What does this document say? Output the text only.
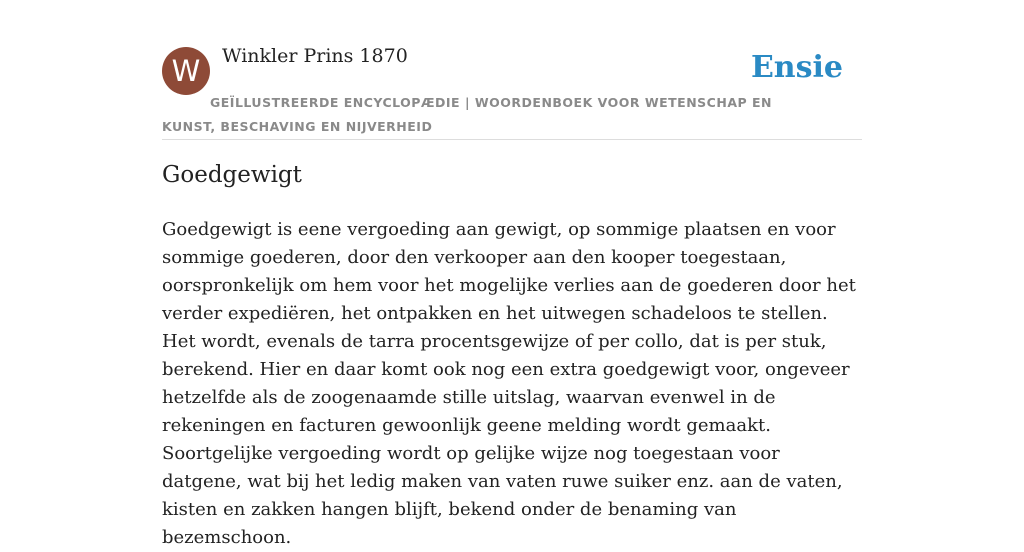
W	Winkler Prins 1870	Ensie
GEÏLLUSTREERDE ENCYCLOPÆDIE | WOORDENBOEK VOOR WETENSCHAP EN KUNST, BESCHAVING EN NIJVERHEID
Goedgewigt

Goedgewigt is eene vergoeding aan gewigt, op sommige plaatsen en voor sommige goederen, door den verkooper aan den kooper toegestaan, oorspronkelijk om hem voor het mogelijke verlies aan de goederen door het verder expediëren, het ontpakken en het uitwegen schadeloos te stellen. Het wordt, evenals de tarra procentsgewijze of per collo, dat is per stuk, berekend. Hier en daar komt ook nog een extra goedgewigt voor, ongeveer hetzelfde als de zoogenaamde stille uitslag, waarvan evenwel in de rekeningen en facturen gewoonlijk geene melding wordt gemaakt. Soortgelijke vergoeding wordt op gelijke wijze nog toegestaan voor datgene, wat bij het ledig maken van vaten ruwe suiker enz. aan de vaten, kisten en zakken hangen blijft, bekend onder de benaming van bezemschoon.
